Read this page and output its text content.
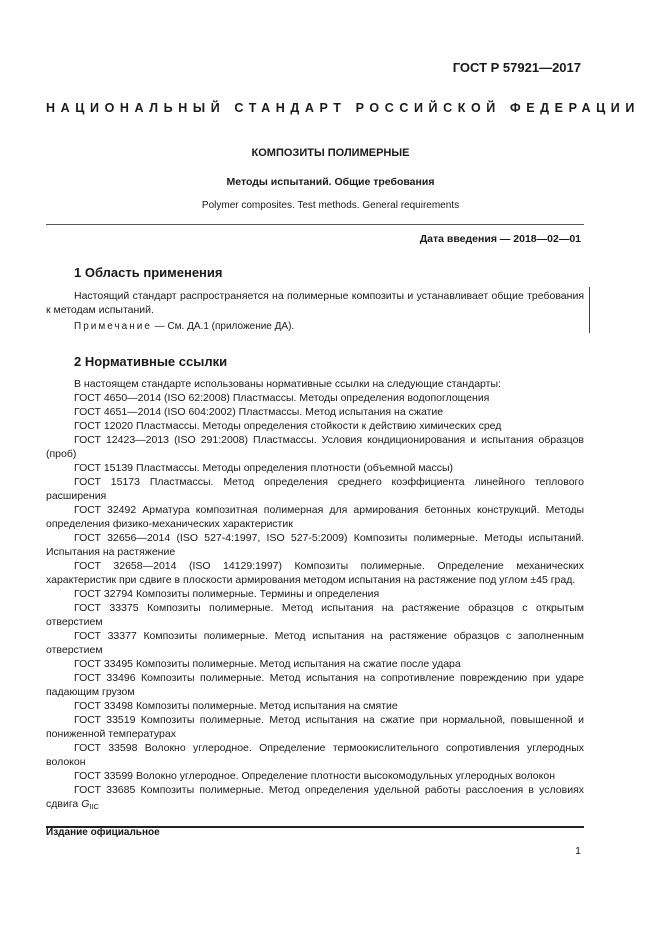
ГОСТ Р 57921—2017
НАЦИОНАЛЬНЫЙ СТАНДАРТ РОССИЙСКОЙ ФЕДЕРАЦИИ
КОМПОЗИТЫ ПОЛИМЕРНЫЕ
Методы испытаний. Общие требования
Polymer composites. Test methods. General requirements
Дата введения — 2018—02—01
1 Область применения

Настоящий стандарт распространяется на полимерные композиты и устанавливает общие требования к методам испытаний.

Примечание — См. ДА.1 (приложение ДА).
2 Нормативные ссылки

В настоящем стандарте использованы нормативные ссылки на следующие стандарты:

ГОСТ 4650—2014 (ISO 62:2008) Пластмассы. Методы определения водопоглощения

ГОСТ 4651—2014 (ISO 604:2002) Пластмассы. Метод испытания на сжатие

ГОСТ 12020 Пластмассы. Методы определения стойкости к действию химических сред

ГОСТ 12423—2013 (ISO 291:2008) Пластмассы. Условия кондиционирования и испытания образцов (проб)

ГОСТ 15139 Пластмассы. Методы определения плотности (объемной массы)

ГОСТ 15173 Пластмассы. Метод определения среднего коэффициента линейного теплового расширения

ГОСТ 32492 Арматура композитная полимерная для армирования бетонных конструкций. Методы определения физико-механических характеристик

ГОСТ 32656—2014 (ISO 527-4:1997, ISO 527-5:2009) Композиты полимерные. Методы испытаний. Испытания на растяжение

ГОСТ 32658—2014 (ISO 14129:1997) Композиты полимерные. Определение механических характеристик при сдвиге в плоскости армирования методом испытания на растяжение под углом ±45 град.

ГОСТ 32794 Композиты полимерные. Термины и определения

ГОСТ 33375 Композиты полимерные. Метод испытания на растяжение образцов с открытым отверстием

ГОСТ 33377 Композиты полимерные. Метод испытания на растяжение образцов с заполненным отверстием

ГОСТ 33495 Композиты полимерные. Метод испытания на сжатие после удара

ГОСТ 33496 Композиты полимерные. Метод испытания на сопротивление повреждению при ударе падающим грузом

ГОСТ 33498 Композиты полимерные. Метод испытания на смятие

ГОСТ 33519 Композиты полимерные. Метод испытания на сжатие при нормальной, повышенной и пониженной температурах

ГОСТ 33598 Волокно углеродное. Определение термоокислительного сопротивления углеродных волокон

ГОСТ 33599 Волокно углеродное. Определение плотности высокомодульных углеродных волокон

ГОСТ 33685 Композиты полимерные. Метод определения удельной работы расслоения в условиях сдвига $G_{IIC}$

Издание официальное
1
